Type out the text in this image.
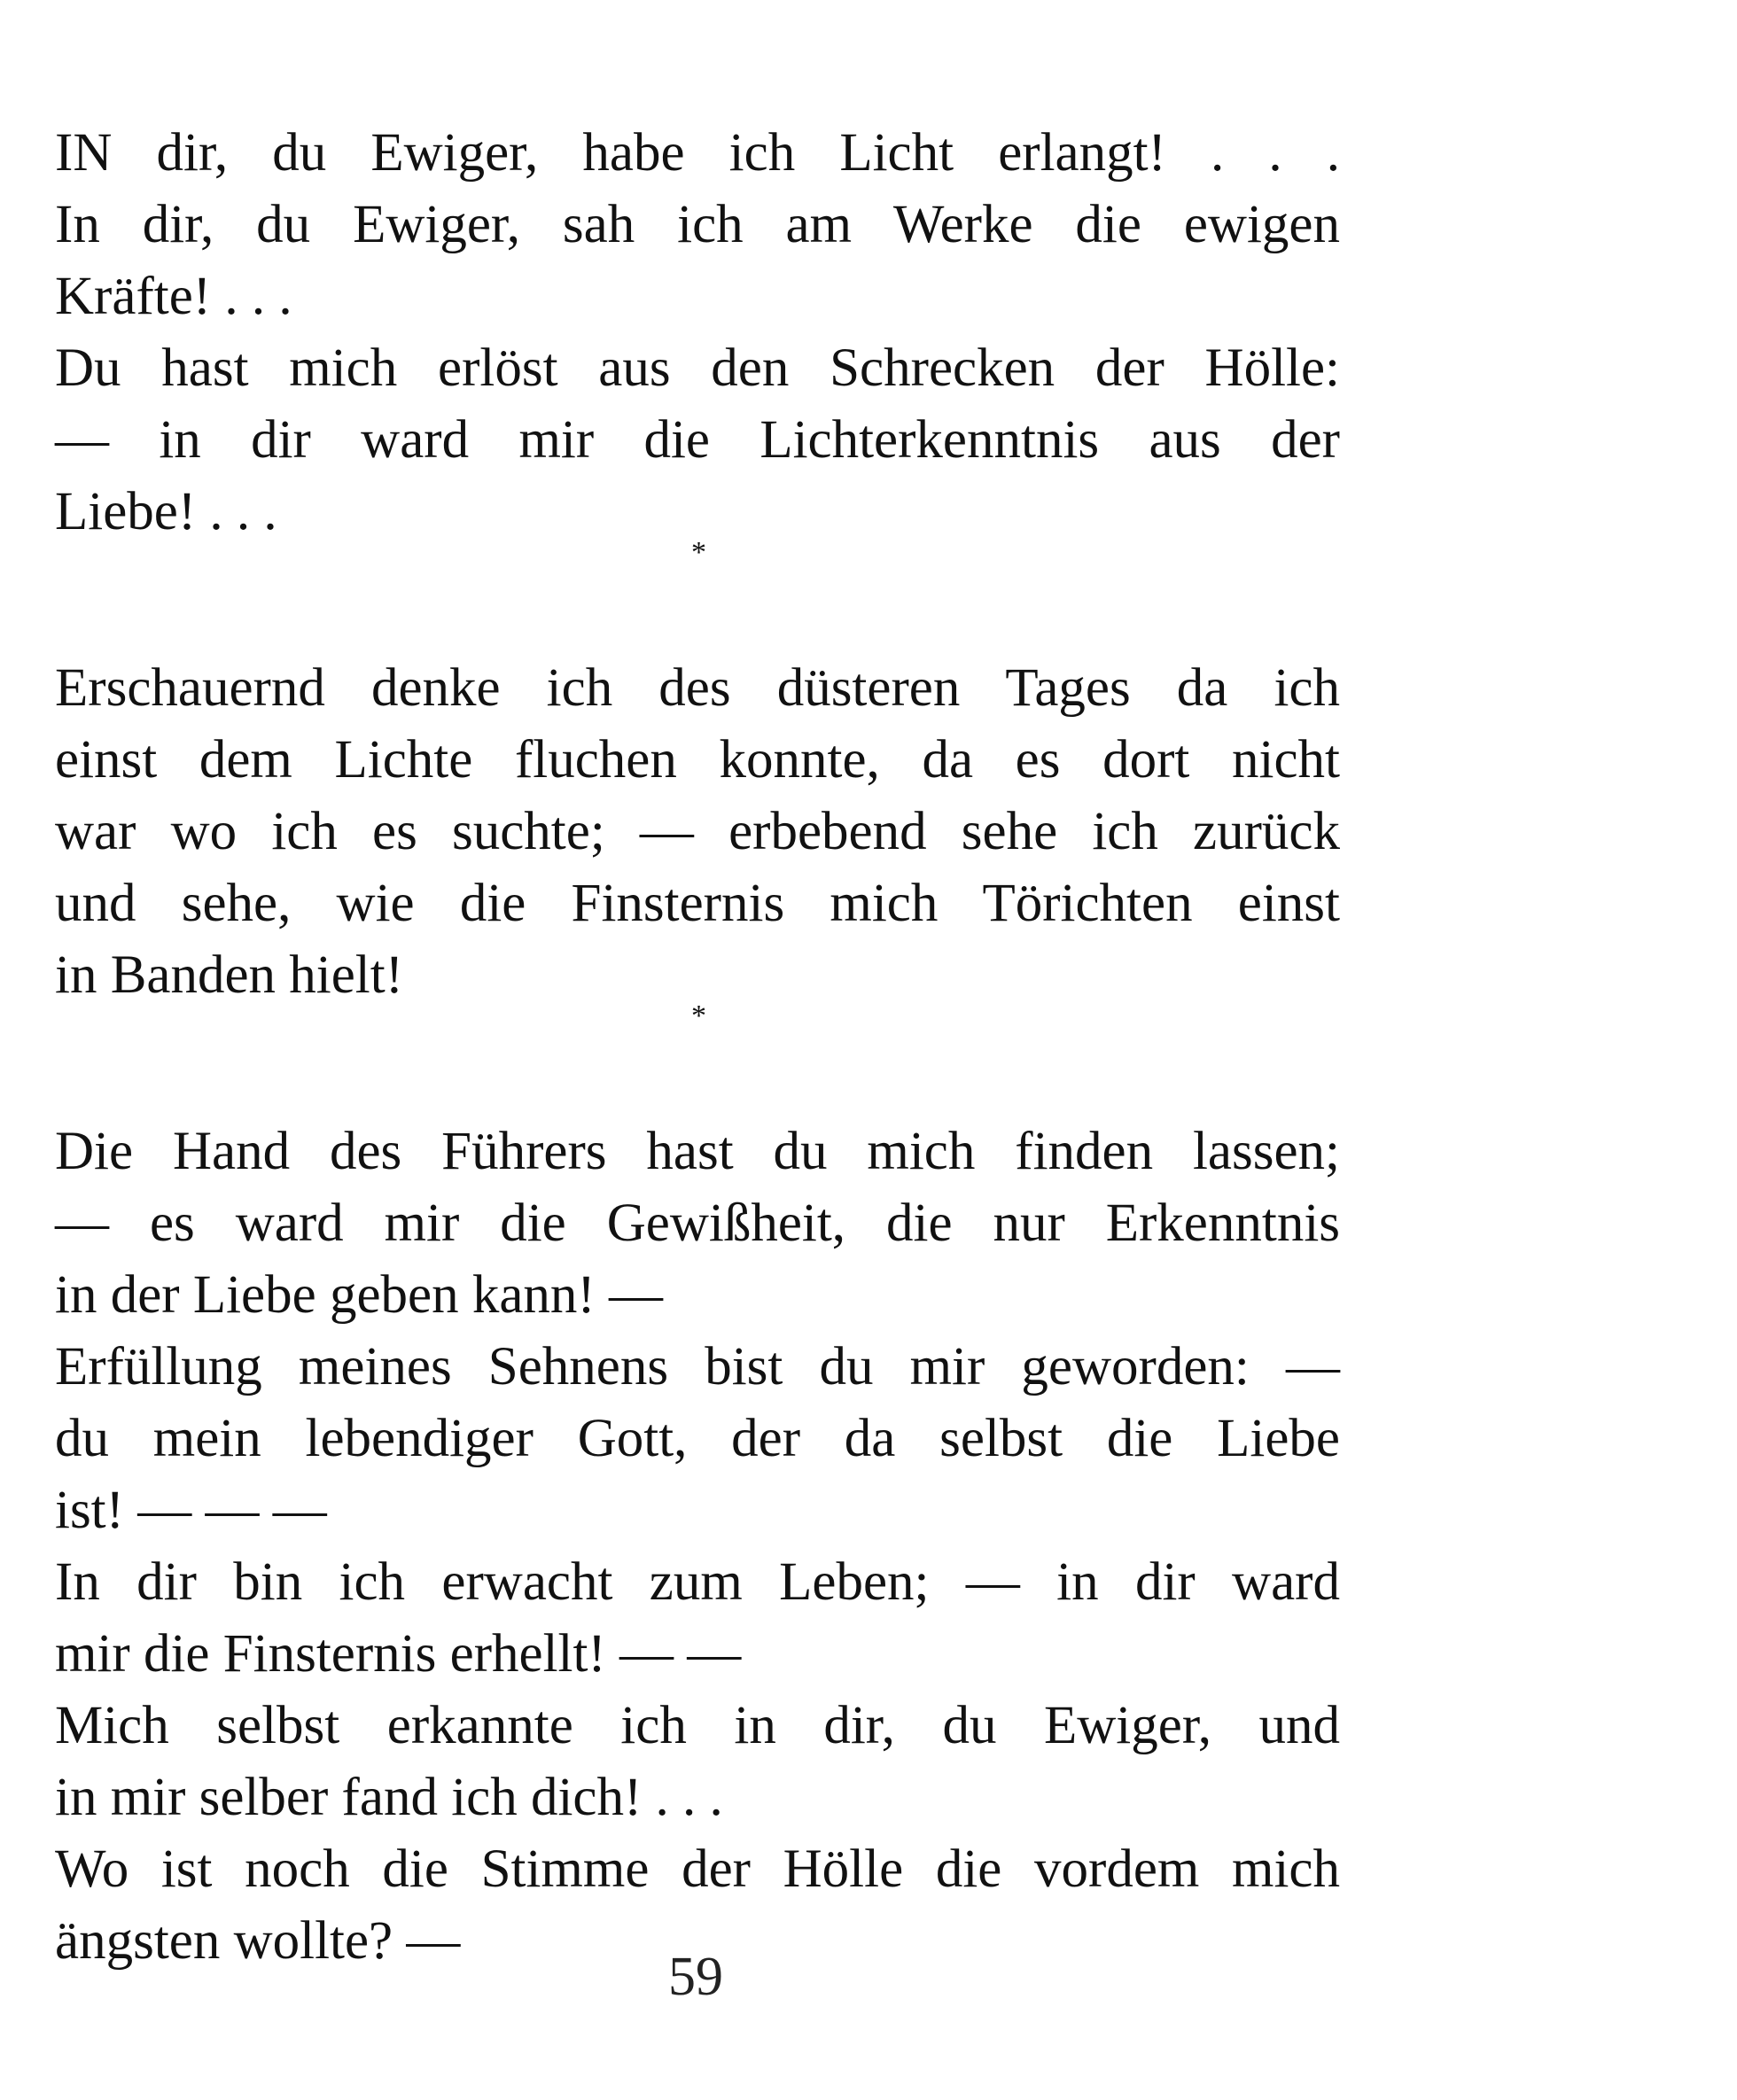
IN dir, du Ewiger, habe ich Licht erlangt! . . .
In dir, du Ewiger, sah ich am Werke die ewigen
Kräfte! . . .
Du hast mich erlöst aus den Schrecken der Hölle:
— in dir ward mir die Lichterkenntnis aus der
Liebe! . . .
*
Erschauernd denke ich des düsteren Tages da ich
einst dem Lichte fluchen konnte, da es dort nicht
war wo ich es suchte; — erbebend sehe ich zurück
und sehe, wie die Finsternis mich Törichten einst
in Banden hielt!
*
Die Hand des Führers hast du mich finden lassen;
— es ward mir die Gewißheit, die nur Erkenntnis
in der Liebe geben kann! —
Erfüllung meines Sehnens bist du mir geworden: —
du mein lebendiger Gott, der da selbst die Liebe
ist! — — —
In dir bin ich erwacht zum Leben; — in dir ward
mir die Finsternis erhellt! — —
Mich selbst erkannte ich in dir, du Ewiger, und
in mir selber fand ich dich! . . .
Wo ist noch die Stimme der Hölle die vordem mich
ängsten wollte? —
59
